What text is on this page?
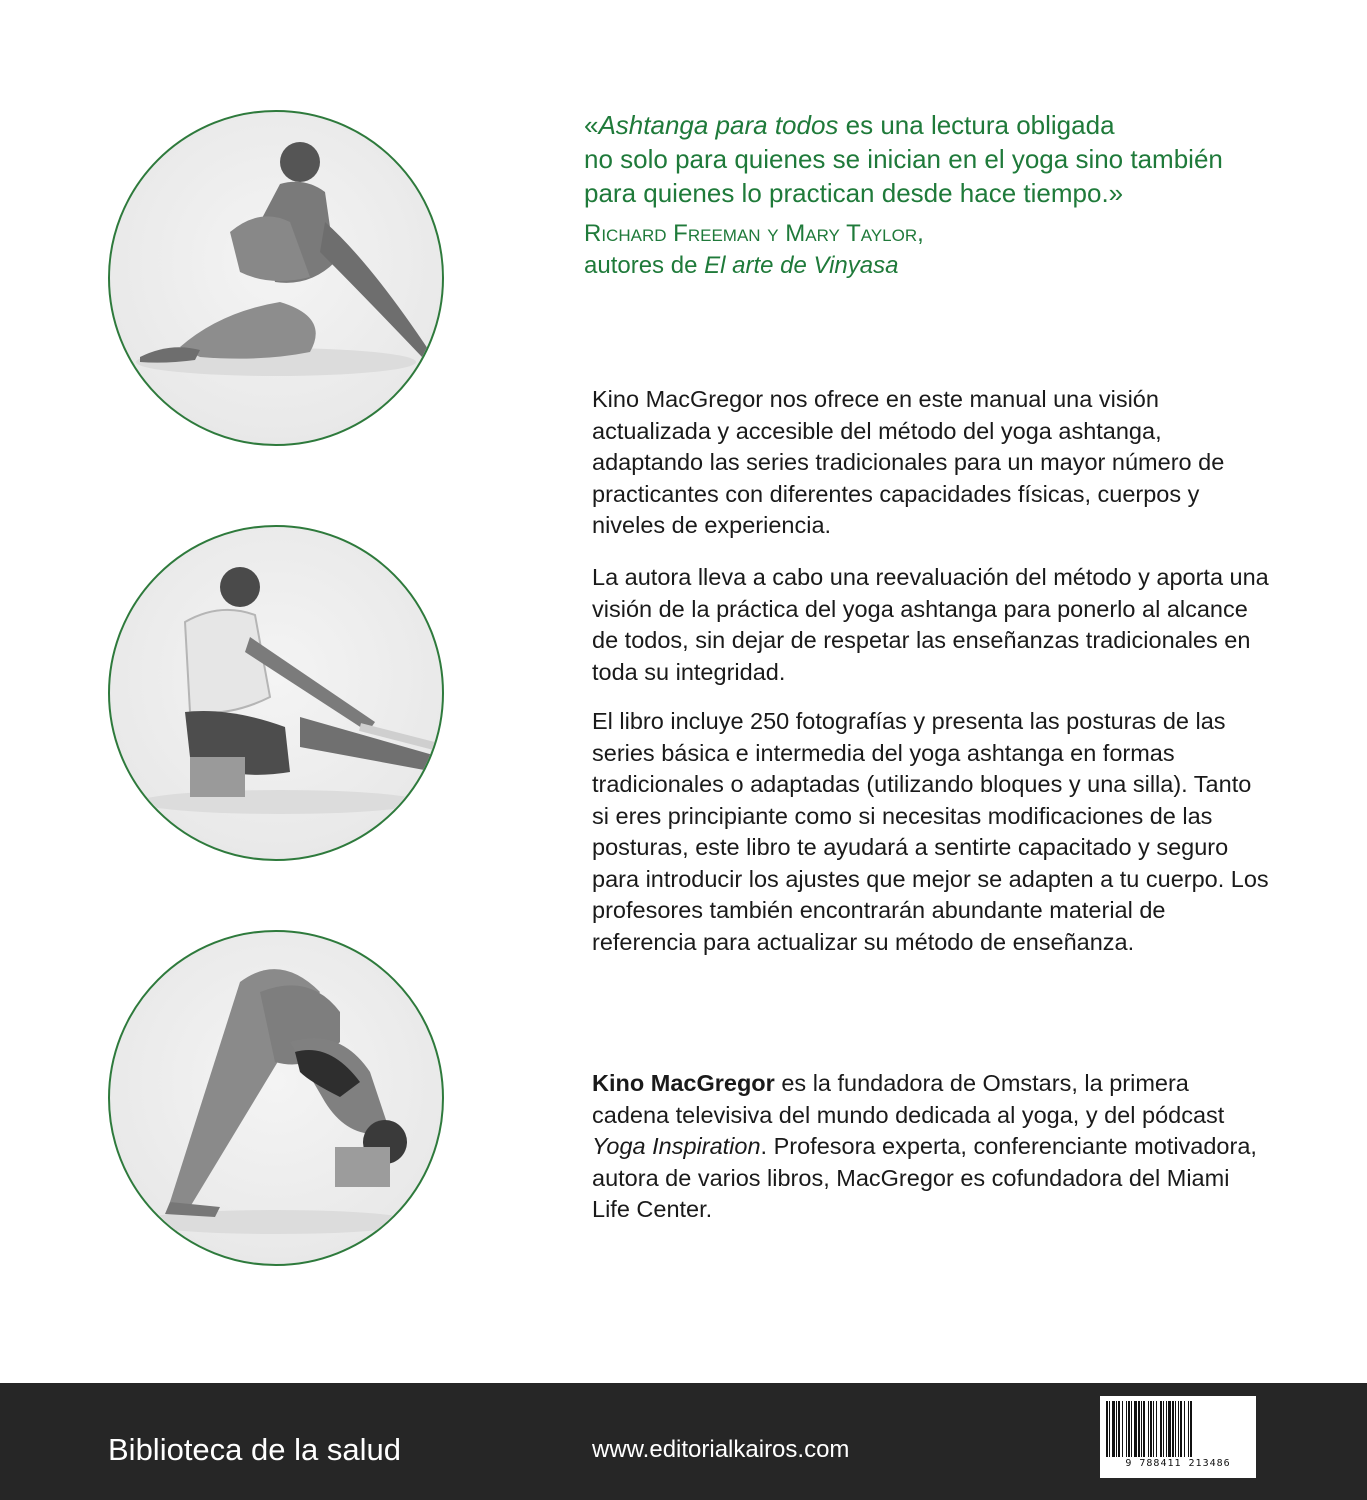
«Ashtanga para todos es una lectura obligada

no solo para quienes se inician en el yoga sino también

para quienes lo practican desde hace tiempo.»

Richard Freeman y Mary Taylor,

autores de El arte de Vinyasa

Kino MacGregor nos ofrece en este manual una visión actualizada y accesible del método del yoga ashtanga, adaptando las series tradicionales para un mayor número de practicantes con diferentes capacidades físicas, cuerpos y niveles de experiencia.

La autora lleva a cabo una reevaluación del método y aporta una visión de la práctica del yoga ashtanga para ponerlo al alcance de todos, sin dejar de respetar las enseñanzas tradicionales en toda su integridad.

El libro incluye 250 fotografías y presenta las posturas de las series básica e intermedia del yoga ashtanga en formas tradicionales o adaptadas (utilizando bloques y una silla). Tanto si eres principiante como si necesitas modificaciones de las posturas, este libro te ayudará a sentirte capacitado y seguro para introducir los ajustes que mejor se adapten a tu cuerpo. Los profesores también encontrarán abundante material de referencia para actualizar su método de enseñanza.

Kino MacGregor es la fundadora de Omstars, la primera cadena televisiva del mundo dedicada al yoga, y del pódcast Yoga Inspiration. Profesora experta, conferenciante motivadora, autora de varios libros, MacGregor es cofundadora del Miami Life Center.

Biblioteca de la salud	www.editorialkairos.com
9 788411 213486
